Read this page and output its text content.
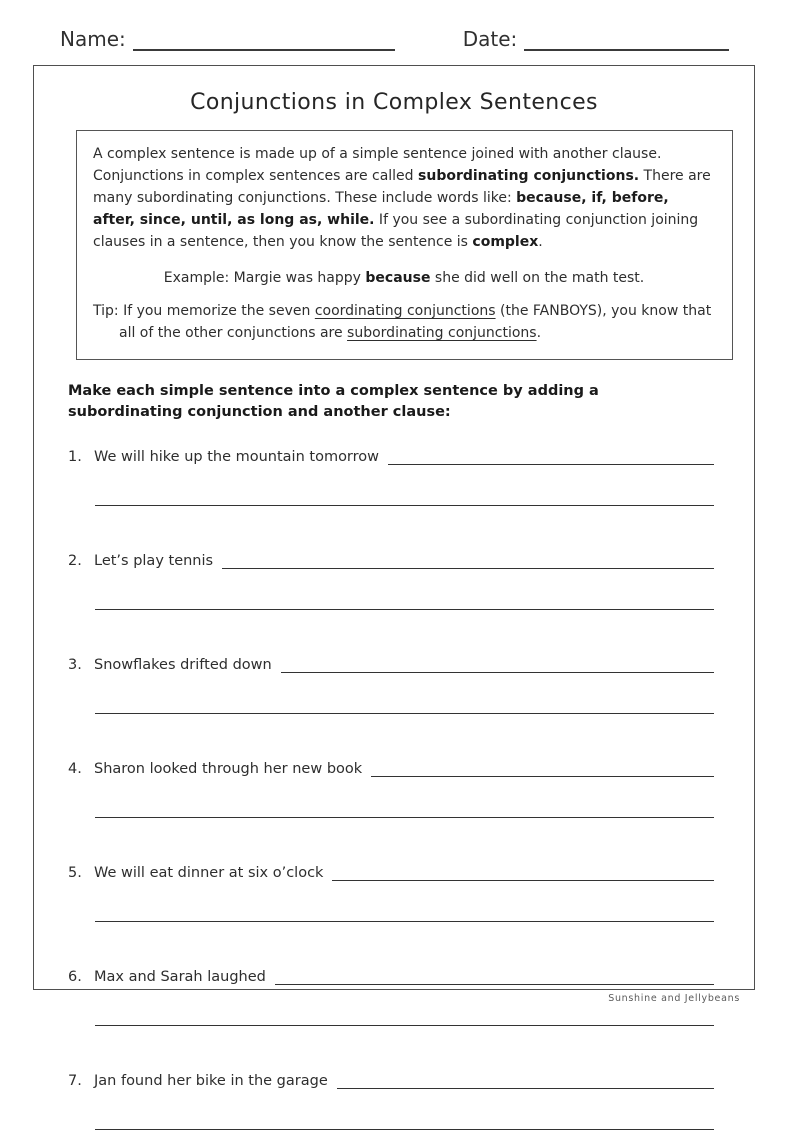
Name:	Date:
Conjunctions in Complex Sentences

A complex sentence is made up of a simple sentence joined with another clause. Conjunctions in complex sentences are called subordinating conjunctions. There are many subordinating conjunctions. These include words like: because, if, before, after, since, until, as long as, while. If you see a subordinating conjunction joining clauses in a sentence, then you know the sentence is complex.

Example: Margie was happy because she did well on the math test.

Tip: If you memorize the seven coordinating conjunctions (the FANBOYS), you know that all of the other conjunctions are subordinating conjunctions.

Make each simple sentence into a complex sentence by adding a subordinating conjunction and another clause:
1. We will hike up the mountain tomorrow
2. Let’s play tennis
3. Snowflakes drifted down
4. Sharon looked through her new book
5. We will eat dinner at six o’clock
6. Max and Sarah laughed
7. Jan found her bike in the garage
Sunshine and Jellybeans
